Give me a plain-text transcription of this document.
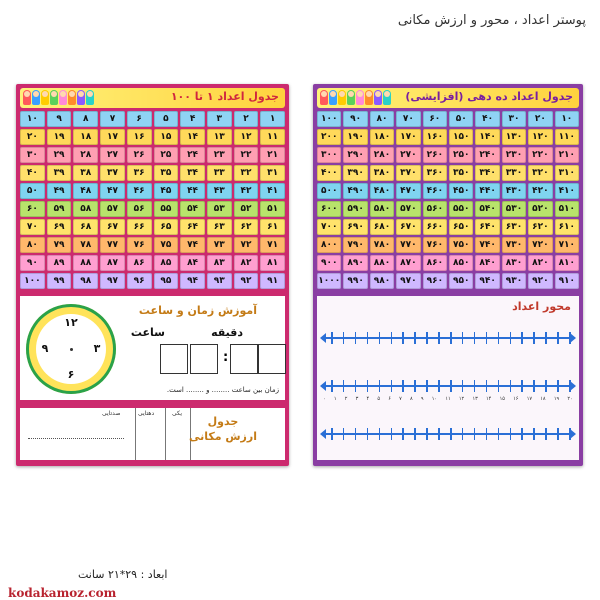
پوستر اعداد ، محور و ارزش مکانی
جدول اعداد ۱ تا ۱۰۰
۱
۲
۳
۴
۵
۶
۷
۸
۹
۱۰
۱۱
۱۲
۱۳
۱۴
۱۵
۱۶
۱۷
۱۸
۱۹
۲۰
۲۱
۲۲
۲۳
۲۴
۲۵
۲۶
۲۷
۲۸
۲۹
۳۰
۳۱
۳۲
۳۳
۳۴
۳۵
۳۶
۳۷
۳۸
۳۹
۴۰
۴۱
۴۲
۴۳
۴۴
۴۵
۴۶
۴۷
۴۸
۴۹
۵۰
۵۱
۵۲
۵۳
۵۴
۵۵
۵۶
۵۷
۵۸
۵۹
۶۰
۶۱
۶۲
۶۳
۶۴
۶۵
۶۶
۶۷
۶۸
۶۹
۷۰
۷۱
۷۲
۷۳
۷۴
۷۵
۷۶
۷۷
۷۸
۷۹
۸۰
۸۱
۸۲
۸۳
۸۴
۸۵
۸۶
۸۷
۸۸
۸۹
۹۰
۹۱
۹۲
۹۳
۹۴
۹۵
۹۶
۹۷
۹۸
۹۹
۱۰۰
۱۲
۳
۶
۹
آموزش زمان و ساعت
دقیقه
ساعت
:
زمان بین ساعت ........ و ........ است.
یکی
دهتایی
صدتایی
جدول
ارزش مکانی
جدول اعداد ده دهی (افزایشی)
۱۰
۲۰
۳۰
۴۰
۵۰
۶۰
۷۰
۸۰
۹۰
۱۰۰
۱۱۰
۱۲۰
۱۳۰
۱۴۰
۱۵۰
۱۶۰
۱۷۰
۱۸۰
۱۹۰
۲۰۰
۲۱۰
۲۲۰
۲۳۰
۲۴۰
۲۵۰
۲۶۰
۲۷۰
۲۸۰
۲۹۰
۳۰۰
۳۱۰
۳۲۰
۳۳۰
۳۴۰
۳۵۰
۳۶۰
۳۷۰
۳۸۰
۳۹۰
۴۰۰
۴۱۰
۴۲۰
۴۳۰
۴۴۰
۴۵۰
۴۶۰
۴۷۰
۴۸۰
۴۹۰
۵۰۰
۵۱۰
۵۲۰
۵۳۰
۵۴۰
۵۵۰
۵۶۰
۵۷۰
۵۸۰
۵۹۰
۶۰۰
۶۱۰
۶۲۰
۶۳۰
۶۴۰
۶۵۰
۶۶۰
۶۷۰
۶۸۰
۶۹۰
۷۰۰
۷۱۰
۷۲۰
۷۳۰
۷۴۰
۷۵۰
۷۶۰
۷۷۰
۷۸۰
۷۹۰
۸۰۰
۸۱۰
۸۲۰
۸۳۰
۸۴۰
۸۵۰
۸۶۰
۸۷۰
۸۸۰
۸۹۰
۹۰۰
۹۱۰
۹۲۰
۹۳۰
۹۴۰
۹۵۰
۹۶۰
۹۷۰
۹۸۰
۹۹۰
۱۰۰۰
محور اعداد
۰ ۱ ۲ ۳ ۴ ۵ ۶ ۷ ۸ ۹ ۱۰ ۱۱ ۱۲ ۱۳ ۱۴ ۱۵ ۱۶ ۱۷ ۱۸ ۱۹ ۲۰
ابعاد : ۲۹*۲۱ سانت
kodakamoz.com
